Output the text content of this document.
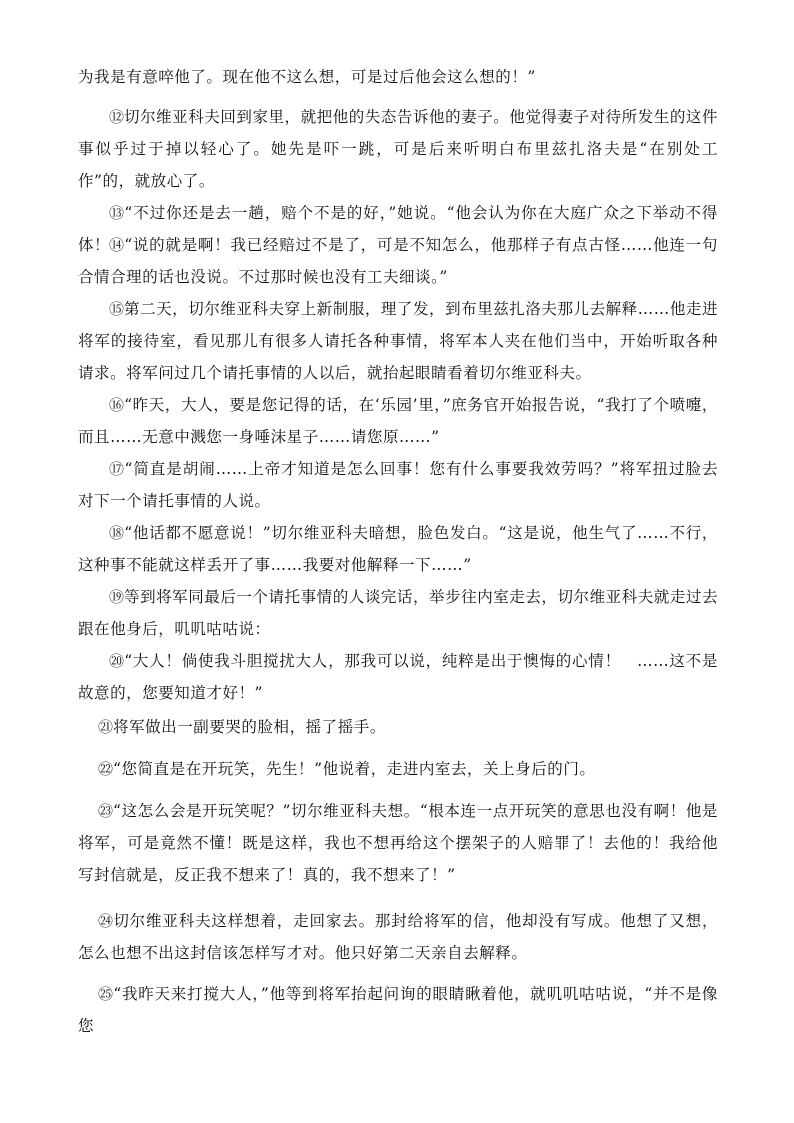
为我是有意啐他了。现在他不这么想，可是过后他会这么想的！”

⑫切尔维亚科夫回到家里，就把他的失态告诉他的妻子。他觉得妻子对待所发生的这件事似乎过于掉以轻心了。她先是吓一跳，可是后来听明白布里兹扎洛夫是“在别处工作”的，就放心了。

⑬“不过你还是去一趟，赔个不是的好，”她说。“他会认为你在大庭广众之下举动不得体！

⑭“说的就是啊！我已经赔过不是了，可是不知怎么，他那样子有点古怪……他连一句合情合理的话也没说。不过那时候也没有工夫细谈。”

⑮第二天，切尔维亚科夫穿上新制服，理了发，到布里兹扎洛夫那儿去解释……他走进将军的接待室，看见那儿有很多人请托各种事情，将军本人夹在他们当中，开始听取各种请求。将军问过几个请托事情的人以后，就抬起眼睛看着切尔维亚科夫。

⑯“昨天，大人，要是您记得的话，在‘乐园’里，”庶务官开始报告说，“我打了个喷嚏，而且……无意中溅您一身唾沫星子……请您原……”

⑰“简直是胡闹……上帝才知道是怎么回事！您有什么事要我效劳吗？”将军扭过脸去对下一个请托事情的人说。

⑱“他话都不愿意说！”切尔维亚科夫暗想，脸色发白。“这是说，他生气了……不行，这种事不能就这样丢开了事……我要对他解释一下……”

⑲等到将军同最后一个请托事情的人谈完话，举步往内室走去，切尔维亚科夫就走过去跟在他身后，叽叽咕咕说：

⑳“大人！倘使我斗胆搅扰大人，那我可以说，纯粹是出于懊悔的心情！　……这不是故意的，您要知道才好！”

㉑将军做出一副要哭的脸相，摇了摇手。

㉒“您简直是在开玩笑，先生！”他说着，走进内室去，关上身后的门。

㉓“这怎么会是开玩笑呢？”切尔维亚科夫想。“根本连一点开玩笑的意思也没有啊！他是将军，可是竟然不懂！既是这样，我也不想再给这个摆架子的人赔罪了！去他的！我给他写封信就是，反正我不想来了！真的，我不想来了！”

㉔切尔维亚科夫这样想着，走回家去。那封给将军的信，他却没有写成。他想了又想，怎么也想不出这封信该怎样写才对。他只好第二天亲自去解释。

㉕“我昨天来打搅大人，”他等到将军抬起问询的眼睛瞅着他，就叽叽咕咕说，“并不是像您
